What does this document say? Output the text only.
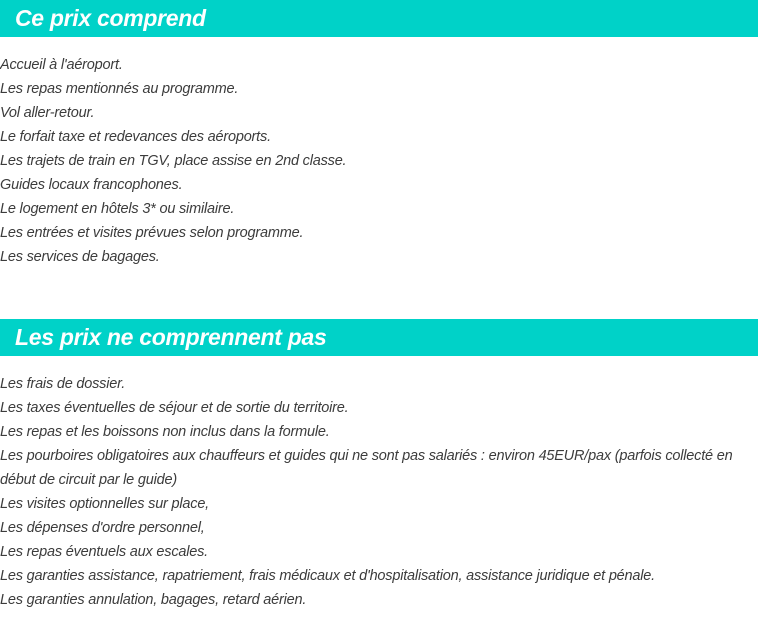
Ce prix comprend
Accueil à l'aéroport.
Les repas mentionnés au programme.
Vol aller-retour.
Le forfait taxe et redevances des aéroports.
Les trajets de train en TGV, place assise en 2nd classe.
Guides locaux francophones.
Le logement en hôtels 3* ou similaire.
Les entrées et visites prévues selon programme.
Les services de bagages.
Les prix ne comprennent pas
Les frais de dossier.
Les taxes éventuelles de séjour et de sortie du territoire.
Les repas et les boissons non inclus dans la formule.
Les pourboires obligatoires aux chauffeurs et guides qui ne sont pas salariés : environ 45EUR/pax (parfois collecté en début de circuit par le guide)
Les visites optionnelles sur place,
Les dépenses d'ordre personnel,
Les repas éventuels aux escales.
Les garanties assistance, rapatriement, frais médicaux et d'hospitalisation, assistance juridique et pénale.
Les garanties annulation, bagages, retard aérien.
